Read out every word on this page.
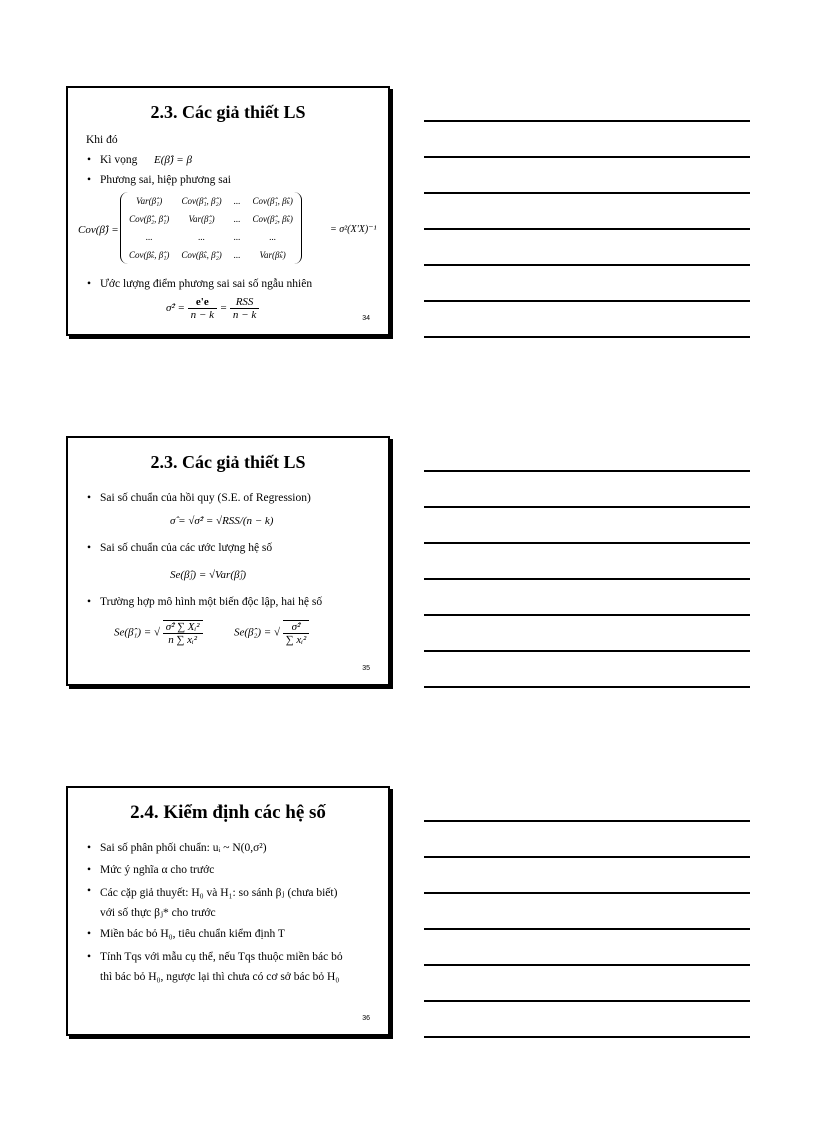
2.3. Các giả thiết LS
Khi đó
• Kì vọng E(β̂) = β
• Phương sai, hiệp phương sai
Cov(β̂) =
Var(β̂₁)	Cov(β̂₁, β̂₂)	...	Cov(β̂₁, β̂ₖ)
Cov(β̂₂, β̂₁)	Var(β̂₂)	...	Cov(β̂₂, β̂ₖ)
...	...	...	...
Cov(β̂ₖ, β̂₁)	Cov(β̂ₖ, β̂₂)	...	Var(β̂ₖ)
= σ²(X'X)⁻¹
• Ước lượng điểm phương sai sai số ngẫu nhiên
σ̂² = $\frac{e'e}{n - k} = \frac{\text{RSS}}{n - k}$	34
2.3. Các giả thiết LS
• Sai số chuẩn của hồi quy (S.E. of Regression)
σ̂ = √σ̂² = √RSS/(n − k)
• Sai số chuẩn của các ước lượng hệ số
Se(β̂ⱼ) = √Var(β̂ⱼ)
• Trường hợp mô hình một biến độc lập, hai hệ số
Se(β̂₁) = √ $\frac{\text{σ̂² ∑ Xᵢ²}}{\text{n ∑ xᵢ²}}$	Se(β̂₂) = √ $\frac{\text{σ̂²}}{\text{∑ xᵢ²}}$
35
2.4. Kiểm định các hệ số
• Sai số phân phối chuẩn: uᵢ ~ N(0,σ²)
• Mức ý nghĩa α cho trước
• Các cặp giả thuyết: H₀ và H₁: so sánh βⱼ (chưa biết)
với số thực βⱼ* cho trước
• Miền bác bỏ H₀, tiêu chuẩn kiểm định T
• Tính Tqs với mẫu cụ thể, nếu Tqs thuộc miền bác bỏ
thì bác bỏ H₀, ngược lại thì chưa có cơ sở bác bỏ H₀
36
